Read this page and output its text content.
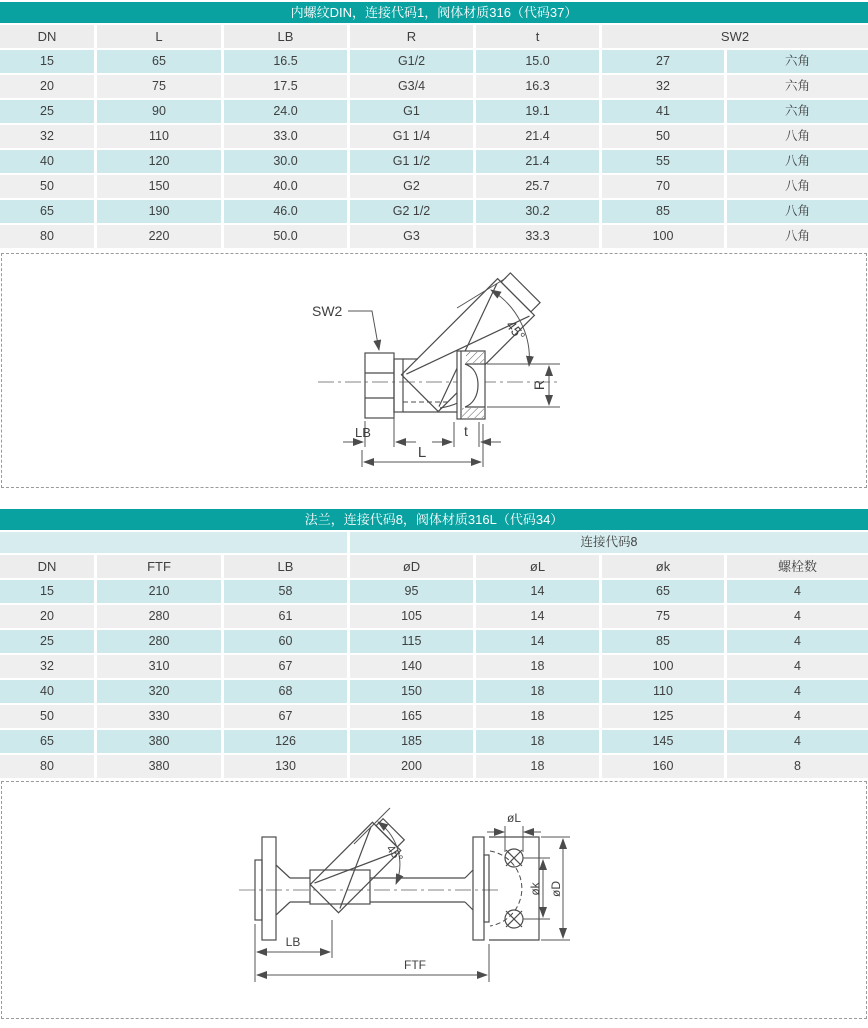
内螺纹DIN，连接代码1，阀体材质316（代码37）
DN	L	LB	R	t	SW2
15	65	16.5	G1/2	15.0	27	六角
20	75	17.5	G3/4	16.3	32	六角
25	90	24.0	G1	19.1	41	六角
32	110	33.0	G1 1/4	21.4	50	八角
40	120	30.0	G1 1/2	21.4	55	八角
50	150	40.0	G2	25.7	70	八角
65	190	46.0	G2 1/2	30.2	85	八角
80	220	50.0	G3	33.3	100	八角
SW2
45°
R
LB	t
L
法兰，连接代码8，阀体材质316L（代码34）
连接代码8
DN	FTF	LB	øD	øL	øk	螺栓数
15	210	58	95	14	65	4
20	280	61	105	14	75	4
25	280	60	115	14	85	4
32	310	67	140	18	100	4
40	320	68	150	18	110	4
50	330	67	165	18	125	4
65	380	126	185	18	145	4
80	380	130	200	18	160	8
øL
45°
øk øD
LB
FTF
